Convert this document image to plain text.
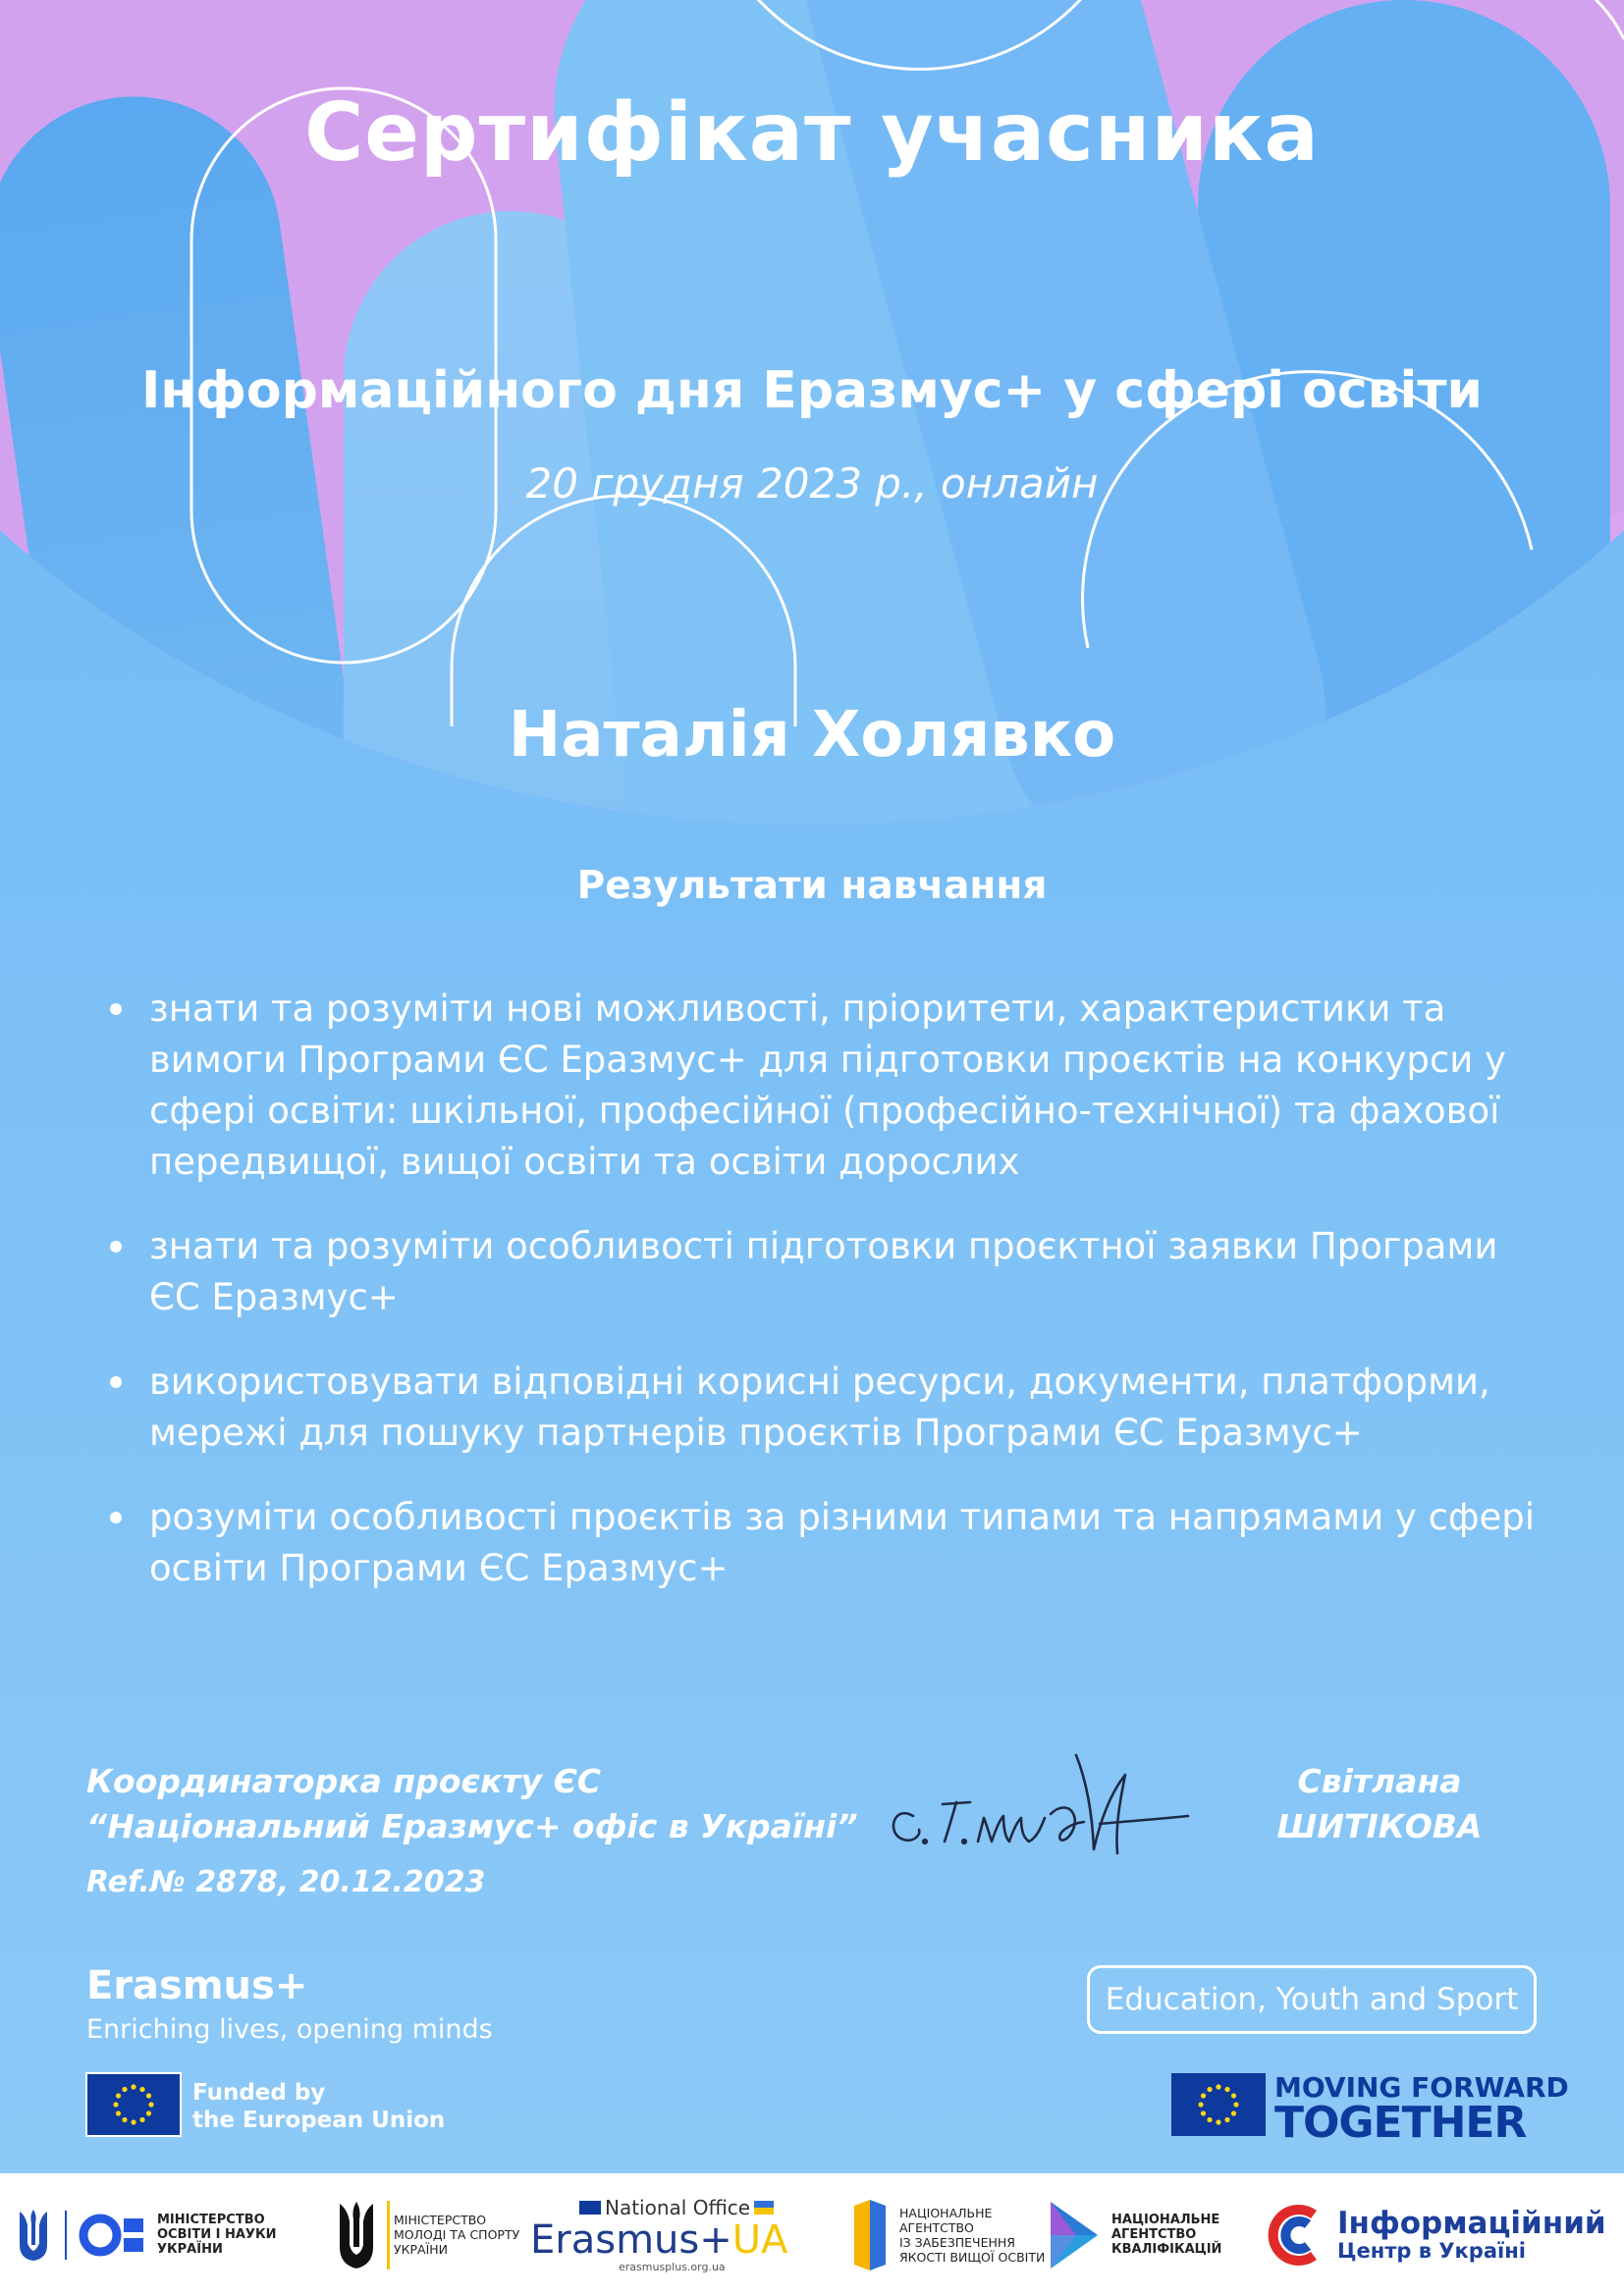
Сертифікат учасника
Інформаційного дня Еразмус+ у сфері освіти
20 грудня 2023 р., онлайн
Наталія Холявко
Результати навчання
знати та розуміти нові можливості, пріоритети, характеристики та вимоги Програми ЄС Еразмус+ для підготовки проєктів на конкурси у сфері освіти: шкільної, професійної (професійно-технічної) та фахової передвищої, вищої освіти та освіти дорослих
знати та розуміти особливості підготовки проєктної заявки Програми ЄС Еразмус+
використовувати відповідні корисні ресурси, документи, платформи, мережі для пошуку партнерів проєктів Програми ЄС Еразмус+
розуміти особливості проєктів за різними типами та напрямами у сфері освіти Програми ЄС Еразмус+
Координаторка проєкту ЄС
“Національний Еразмус+ офіс в Україні”
Ref.№ 2878, 20.12.2023
Світлана
ШИТІКОВА
Erasmus+
Enriching lives, opening minds
Education, Youth and Sport
Funded by
the European Union
MOVING FORWARD
TOGETHER
МІНІСТЕРСТВО
ОСВІТИ І НАУКИ
УКРАЇНИ
МІНІСТЕРСТВО
МОЛОДІ ТА СПОРТУ
УКРАЇНИ
National Office
Erasmus+UA
erasmusplus.org.ua
НАЦІОНАЛЬНЕ
АГЕНТСТВО
ІЗ ЗАБЕЗПЕЧЕННЯ
ЯКОСТІ ВИЩОЇ ОСВІТИ
НАЦІОНАЛЬНЕ
АГЕНТСТВО
КВАЛІФІКАЦІЙ
Інформаційний
Центр в Україні
